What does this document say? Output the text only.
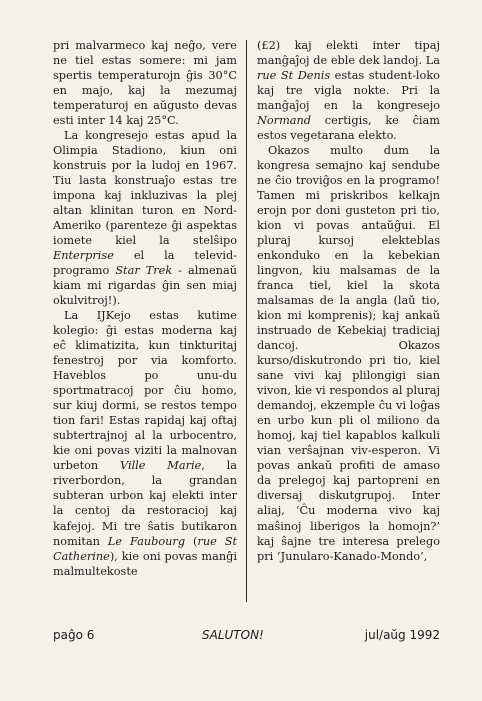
pri malvarmeco kaj neĝo, vere ne tiel estas somere: mi jam spertis temperaturojn ĝis 30°C en majo, kaj la mezumaj temperaturoj en aŭgusto devas esti inter 14 kaj 25°C.

La kongresejo estas apud la Olimpia Stadiono, kiun oni konstruis por la ludoj en 1967. Tiu lasta konstruaĵo estas tre impona kaj inkluzivas la plej altan klinitan turon en Nord-Ameriko (parenteze ĝi aspektas iomete kiel la stelŝipo Enterprise el la televid-programo Star Trek - almenaŭ kiam mi rigardas ĝin sen miaj okulvitroj!).

La IJKejo estas kutime kolegio: ĝi estas moderna kaj eĉ klimatizita, kun tinkturitaj fenestroj por via komforto. Haveblos po unu-du sportmatracoj por ĉiu homo, sur kiuj dormi, se restos tempo tion fari! Estas rapidaj kaj oftaj subtertrajnoj al la urbocentro, kie oni povas viziti la malnovan urbeton Ville Marie, la riverbordon, la grandan subteran urbon kaj elekti inter la centoj da restoracioj kaj kafejoj. Mi tre ŝatis butikaron nomitan Le Faubourg (rue St Catherine), kie oni povas manĝi malmultekoste

(£2) kaj elekti inter tipaj manĝaĵoj de eble dek landoj. La rue St Denis estas student-loko kaj tre vigla nokte. Pri la manĝaĵoj en la kongresejo Normand certigis, ke ĉiam estos vegetarana elekto.

Okazos multo dum la kongresa semajno kaj sendube ne ĉio troviĝos en la programo! Tamen mi priskribos kelkajn erojn por doni gusteton pri tio, kion vi povas antaŭĝui. El pluraj kursoj elekteblas enkonduko en la kebekian lingvon, kiu malsamas de la franca tiel, kiel la skota malsamas de la angla (laŭ tio, kion mi komprenis); kaj ankaŭ instruado de Kebekiaj tradiciaj dancoj. Okazos kurso/diskutrondo pri tio, kiel sane vivi kaj plilongigi sian vivon, kie vi respondos al pluraj demandoj, ekzemple ĉu vi loĝas en urbo kun pli ol miliono da homoj, kaj tiel kapablos kalkuli vian verŝajnan viv-esperon. Vi povas ankaŭ profiti de amaso da prelegoj kaj partopreni en diversaj diskutgrupoj. Inter aliaj, ‘Ĉu moderna vivo kaj maŝinoj liberigos la homojn?’ kaj ŝajne tre interesa prelego pri ‘Junularo-Kanado-Mondo’,

paĝo 6	SALUTON!	jul/aŭg 1992
